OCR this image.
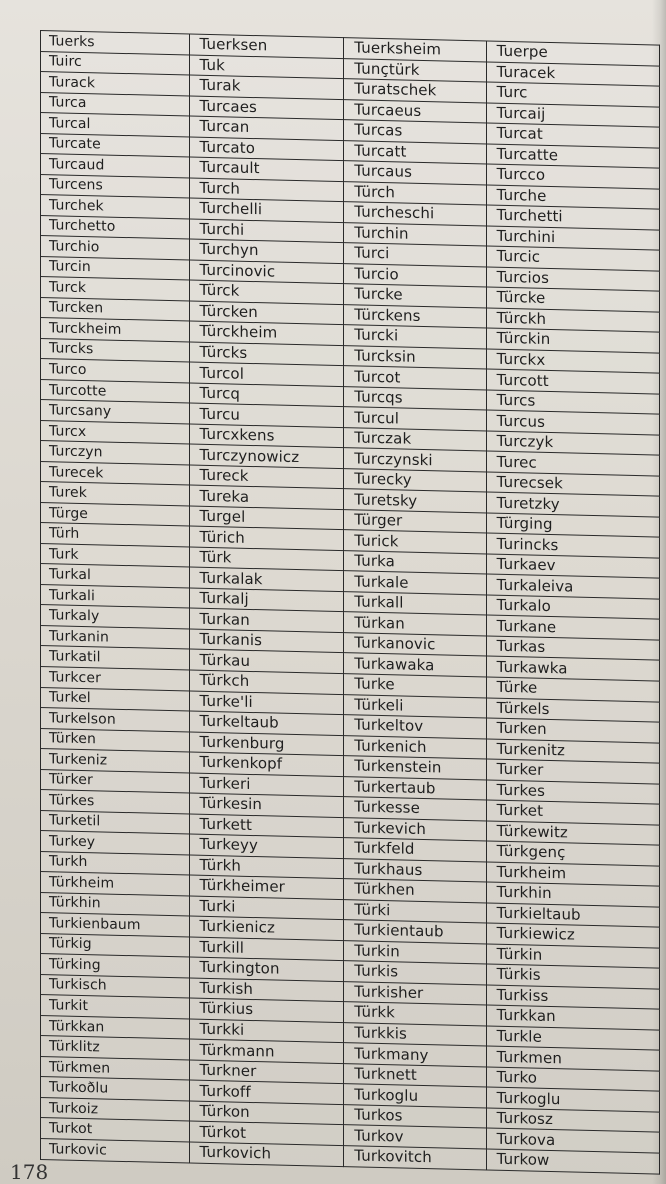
Tuerks	Tuerksen	Tuerksheim	Tuerpe
Tuirc	Tuk	Tunçtürk	Turacek
Turack	Turak	Turatschek	Turc
Turca	Turcaes	Turcaeus	Turcaij
Turcal	Turcan	Turcas	Turcat
Turcate	Turcato	Turcatt	Turcatte
Turcaud	Turcault	Turcaus	Turcco
Turcens	Turch	Türch	Turche
Turchek	Turchelli	Turcheschi	Turchetti
Turchetto	Turchi	Turchin	Turchini
Turchio	Turchyn	Turci	Turcic
Turcin	Turcinovic	Turcio	Turcios
Turck	Türck	Turcke	Türcke
Turcken	Türcken	Türckens	Türckh
Turckheim	Türckheim	Turcki	Türckin
Turcks	Türcks	Turcksin	Turckx
Turco	Turcol	Turcot	Turcott
Turcotte	Turcq	Turcqs	Turcs
Turcsany	Turcu	Turcul	Turcus
Turcx	Turcxkens	Turczak	Turczyk
Turczyn	Turczynowicz	Turczynski	Turec
Turecek	Tureck	Turecky	Turecsek
Turek	Tureka	Turetsky	Turetzky
Türge	Turgel	Türger	Türging
Türh	Türich	Turick	Turincks
Turk	Türk	Turka	Turkaev
Turkal	Turkalak	Turkale	Turkaleiva
Turkali	Turkalj	Turkall	Turkalo
Turkaly	Turkan	Türkan	Turkane
Turkanin	Turkanis	Turkanovic	Turkas
Turkatil	Türkau	Turkawaka	Turkawka
Turkcer	Türkch	Turke	Türke
Turkel	Turke'li	Türkeli	Türkels
Turkelson	Turkeltaub	Turkeltov	Turken
Türken	Turkenburg	Turkenich	Turkenitz
Turkeniz	Turkenkopf	Turkenstein	Turker
Türker	Turkeri	Turkertaub	Turkes
Türkes	Türkesin	Turkesse	Turket
Turketil	Turkett	Turkevich	Türkewitz
Turkey	Turkeyy	Turkfeld	Türkgenç
Turkh	Türkh	Turkhaus	Turkheim
Türkheim	Türkheimer	Türkhen	Turkhin
Türkhin	Turki	Türki	Turkieltaub
Turkienbaum	Turkienicz	Turkientaub	Turkiewicz
Türkig	Turkill	Turkin	Türkin
Türking	Turkington	Turkis	Türkis
Turkisch	Turkish	Turkisher	Turkiss
Turkit	Türkius	Türkk	Turkkan
Türkkan	Turkki	Turkkis	Turkle
Türklitz	Türkmann	Turkmany	Turkmen
Türkmen	Turkner	Turknett	Turko
Turkoðlu	Turkoff	Turkoglu	Turkoglu
Turkoiz	Türkon	Turkos	Turkosz
Turkot	Türkot	Turkov	Turkova
Turkovic	Turkovich	Turkovitch	Turkow
178
